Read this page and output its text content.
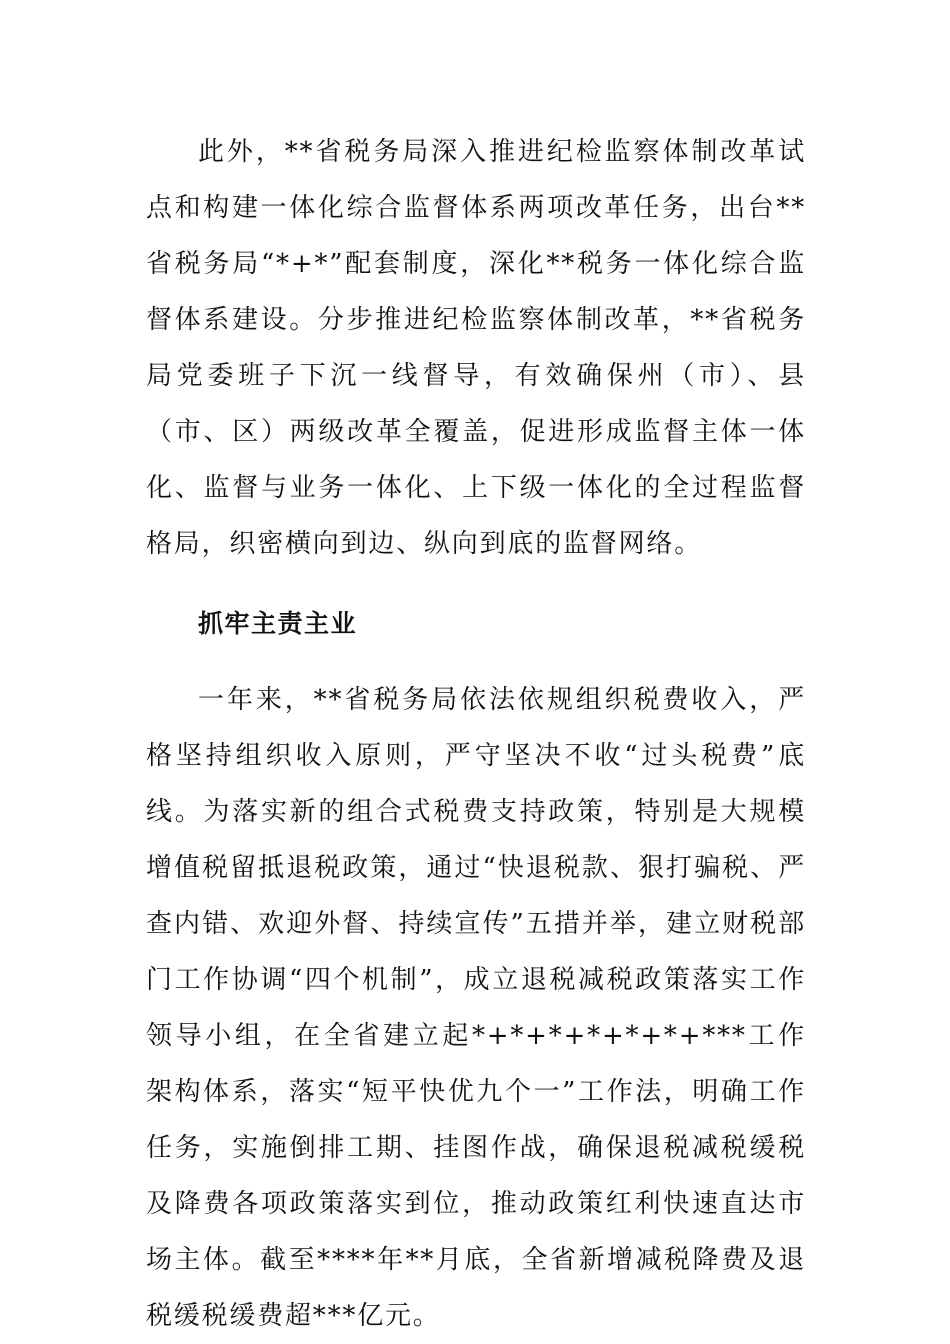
此外，**省税务局深入推进纪检监察体制改革试点和构建一体化综合监督体系两项改革任务，出台**省税务局“*+*”配套制度，深化**税务一体化综合监督体系建设。分步推进纪检监察体制改革，**省税务局党委班子下沉一线督导，有效确保州（市）、县（市、区）两级改革全覆盖，促进形成监督主体一体化、监督与业务一体化、上下级一体化的全过程监督格局，织密横向到边、纵向到底的监督网络。

抓牢主责主业

一年来，**省税务局依法依规组织税费收入，严格坚持组织收入原则，严守坚决不收“过头税费”底线。为落实新的组合式税费支持政策，特别是大规模增值税留抵退税政策，通过“快退税款、狠打骗税、严查内错、欢迎外督、持续宣传”五措并举，建立财税部门工作协调“四个机制”，成立退税减税政策落实工作领导小组，在全省建立起*+*+*+*+*+*+***工作架构体系，落实“短平快优九个一”工作法，明确工作任务，实施倒排工期、挂图作战，确保退税减税缓税及降费各项政策落实到位，推动政策红利快速直达市场主体。截至****年**月底，全省新增减税降费及退税缓税缓费超***亿元。
